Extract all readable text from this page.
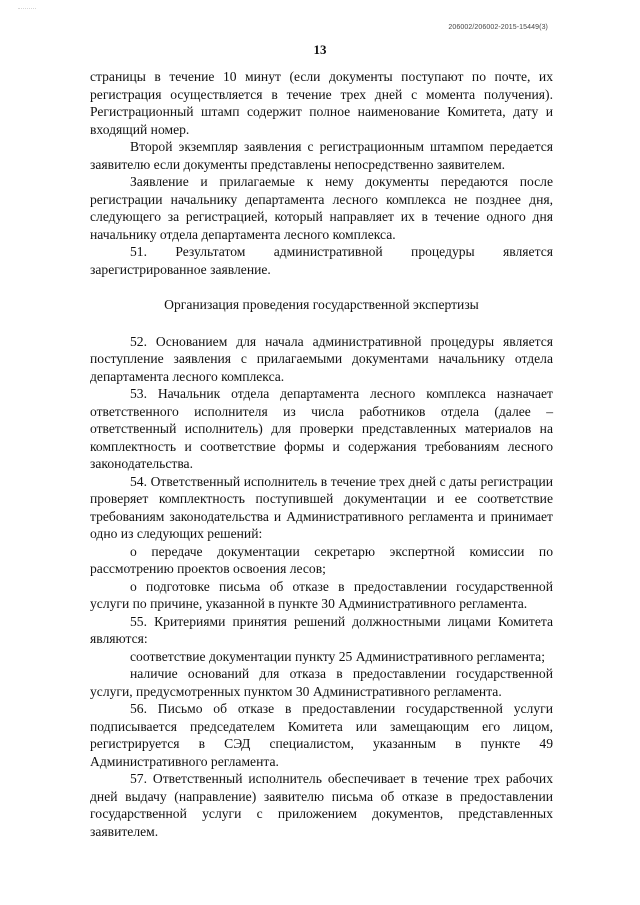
206002/206002-2015-15449(3)
13

страницы в течение 10 минут (если документы поступают по почте, их регистрация осуществляется в течение трех дней с момента получения). Регистрационный штамп содержит полное наименование Комитета, дату и входящий номер.

Второй экземпляр заявления с регистрационным штампом передается заявителю если документы представлены непосредственно заявителем.

Заявление и прилагаемые к нему документы передаются после регистрации начальнику департамента лесного комплекса не позднее дня, следующего за регистрацией, который направляет их в течение одного дня начальнику отдела департамента лесного комплекса.

51. Результатом административной процедуры является зарегистрированное заявление.

Организация проведения государственной экспертизы

52. Основанием для начала административной процедуры является поступление заявления с прилагаемыми документами начальнику отдела департамента лесного комплекса.

53. Начальник отдела департамента лесного комплекса назначает ответственного исполнителя из числа работников отдела (далее – ответственный исполнитель) для проверки представленных материалов на комплектность и соответствие формы и содержания требованиям лесного законодательства.

54. Ответственный исполнитель в течение трех дней с даты регистрации проверяет комплектность поступившей документации и ее соответствие требованиям законодательства и Административного регламента и принимает одно из следующих решений:

о передаче документации секретарю экспертной комиссии по рассмотрению проектов освоения лесов;

о подготовке письма об отказе в предоставлении государственной услуги по причине, указанной в пункте 30 Административного регламента.

55. Критериями принятия решений должностными лицами Комитета являются:

соответствие документации пункту 25 Административного регламента;

наличие оснований для отказа в предоставлении государственной услуги, предусмотренных пунктом 30 Административного регламента.

56. Письмо об отказе в предоставлении государственной услуги подписывается председателем Комитета или замещающим его лицом, регистрируется в СЭД специалистом, указанным в пункте 49 Административного регламента.

57. Ответственный исполнитель обеспечивает в течение трех рабочих дней выдачу (направление) заявителю письма об отказе в предоставлении государственной услуги с приложением документов, представленных заявителем.
